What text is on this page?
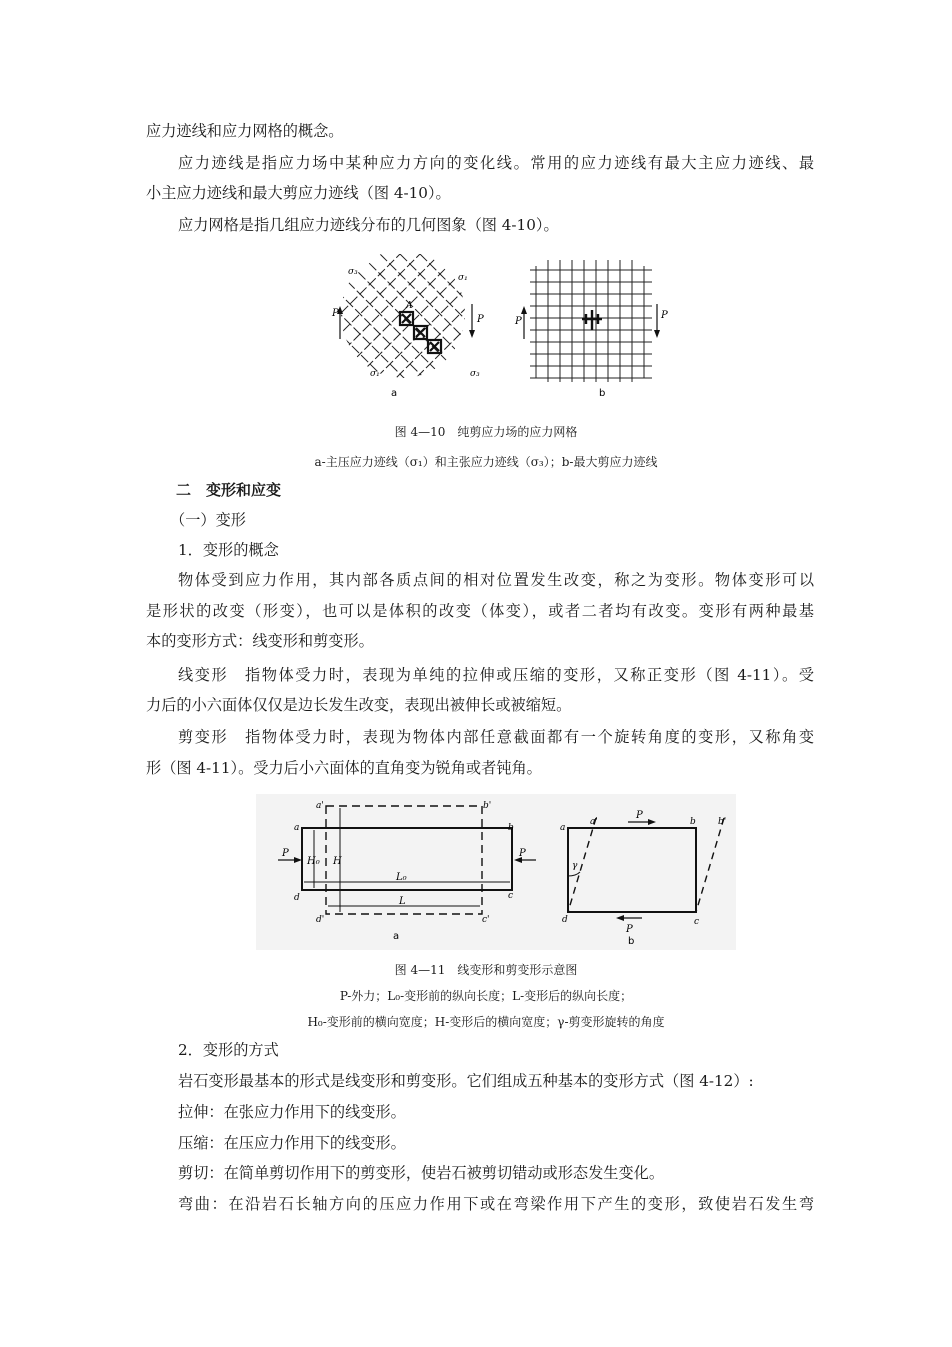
应力迹线和应力网格的概念。
应力迹线是指应力场中某种应力方向的变化线。常用的应力迹线有最大主应力迹线、最
小主应力迹线和最大剪应力迹线（图 4-10）。
应力网格是指几组应力迹线分布的几何图象（图 4-10）。
P
P	P
P
σ₃
σ₁
A
σ₁	σ₃
a	b
图 4—10　纯剪应力场的应力网格
a-主压应力迹线（σ₁）和主张应力迹线（σ₃）；b-最大剪应力迹线
二　变形和应变
（一）变形
1．变形的概念
物体受到应力作用，其内部各质点间的相对位置发生改变，称之为变形。物体变形可以
是形状的改变（形变），也可以是体积的改变（体变），或者二者均有改变。变形有两种最基
本的变形方式：线变形和剪变形。
线变形　指物体受力时，表现为单纯的拉伸或压缩的变形，又称正变形（图 4-11）。受
力后的小六面体仅仅是边长发生改变，表现出被伸长或被缩短。
剪变形　指物体受力时，表现为物体内部任意截面都有一个旋转角度的变形，又称角变
形（图 4-11）。受力后小六面体的直角变为锐角或者钝角。
a
a'
b
b'
c
c'
d
d'
H₀ H
L₀
L
P	P
a
a'	b b'
c
d
γ
P
P
a	b
图 4—11　线变形和剪变形示意图
P-外力；L₀-变形前的纵向长度；L-变形后的纵向长度；
H₀-变形前的横向宽度；H-变形后的横向宽度；γ-剪变形旋转的角度
2．变形的方式
岩石变形最基本的形式是线变形和剪变形。它们组成五种基本的变形方式（图 4-12）:
拉伸：在张应力作用下的线变形。
压缩：在压应力作用下的线变形。
剪切：在简单剪切作用下的剪变形，使岩石被剪切错动或形态发生变化。
弯曲：在沿岩石长轴方向的压应力作用下或在弯梁作用下产生的变形，致使岩石发生弯
